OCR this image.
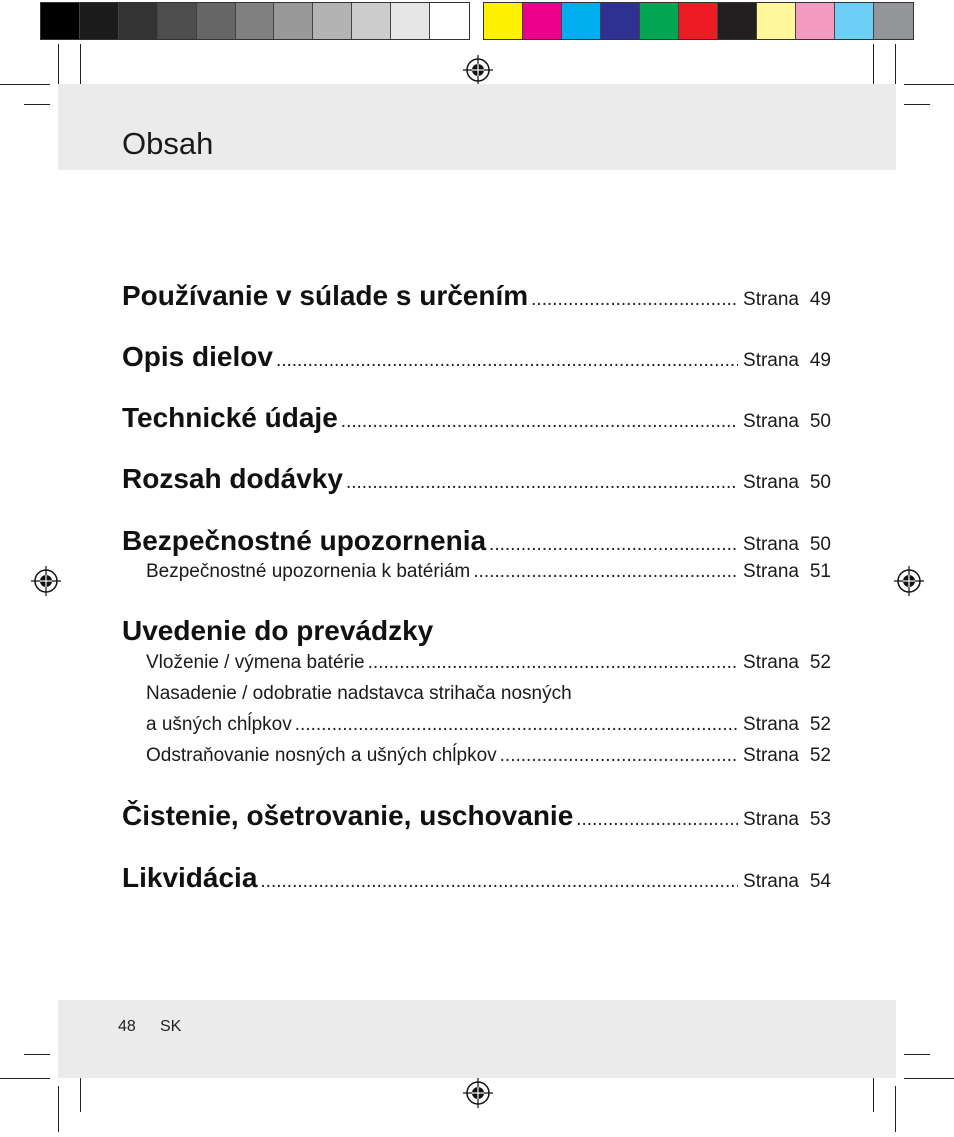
Obsah
Používanie v súlade s určením .....	Strana 49
Opis dielov .....	Strana 49
Technické údaje .....	Strana 50
Rozsah dodávky .....	Strana 50
Bezpečnostné upozornenia .....	Strana 50
Bezpečnostné upozornenia k batériám .....	Strana 51
Uvedenie do prevádzky
Vloženie / výmena batérie .....	Strana 52
Nasadenie / odobratie nadstavca strihača nosných
a ušných chĺpkov .....	Strana 52
Odstraňovanie nosných a ušných chĺpkov .....	Strana 52
Čistenie, ošetrovanie, uschovanie .....	Strana 53
Likvidácia .....	Strana 54
48 SK
